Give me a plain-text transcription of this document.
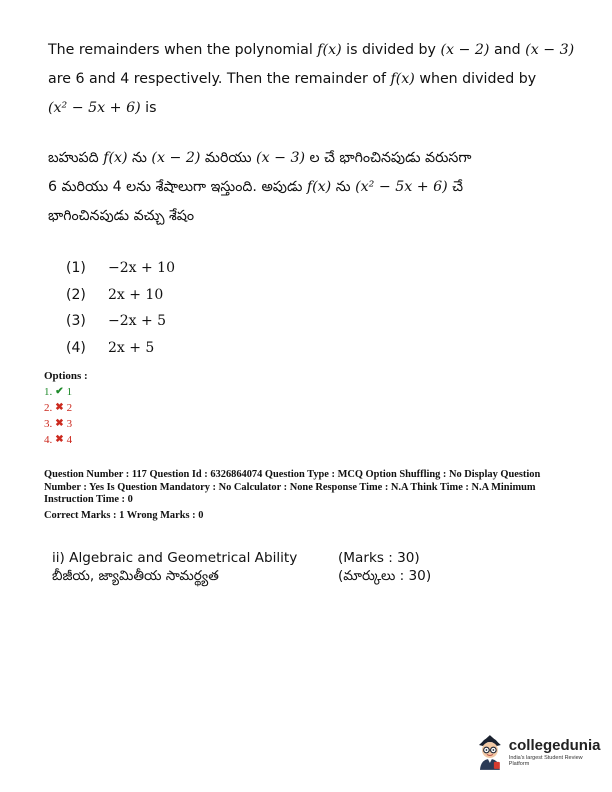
The remainders when the polynomial f(x) is divided by (x − 2) and (x − 3)
are 6 and 4 respectively. Then the remainder of f(x) when divided by
(x² − 5x + 6) is
బహుపది f(x) ను (x − 2) మరియు (x − 3) ల చే భాగించినపుడు వరుసగా
6 మరియు 4 లను శేషాలుగా ఇస్తుంది. అపుడు f(x) ను (x² − 5x + 6) చే
భాగించినపుడు వచ్చు శేషం
(1)	−2x + 10
(2)	2x + 10
(3)	−2x + 5
(4)	2x + 5
Options :
1. ✔ 1
2. ✖ 2
3. ✖ 3
4. ✖ 4
Question Number : 117 Question Id : 6326864074 Question Type : MCQ Option Shuffling : No Display Question Number : Yes Is Question Mandatory : No Calculator : None Response Time : N.A Think Time : N.A Minimum Instruction Time : 0
Correct Marks : 1 Wrong Marks : 0
ii) Algebraic and Geometrical Ability
బీజీయ, జ్యామితీయ సామర్థ్యత
(Marks : 30)
(మార్కులు : 30)
collegedunia
India's largest Student Review Platform
